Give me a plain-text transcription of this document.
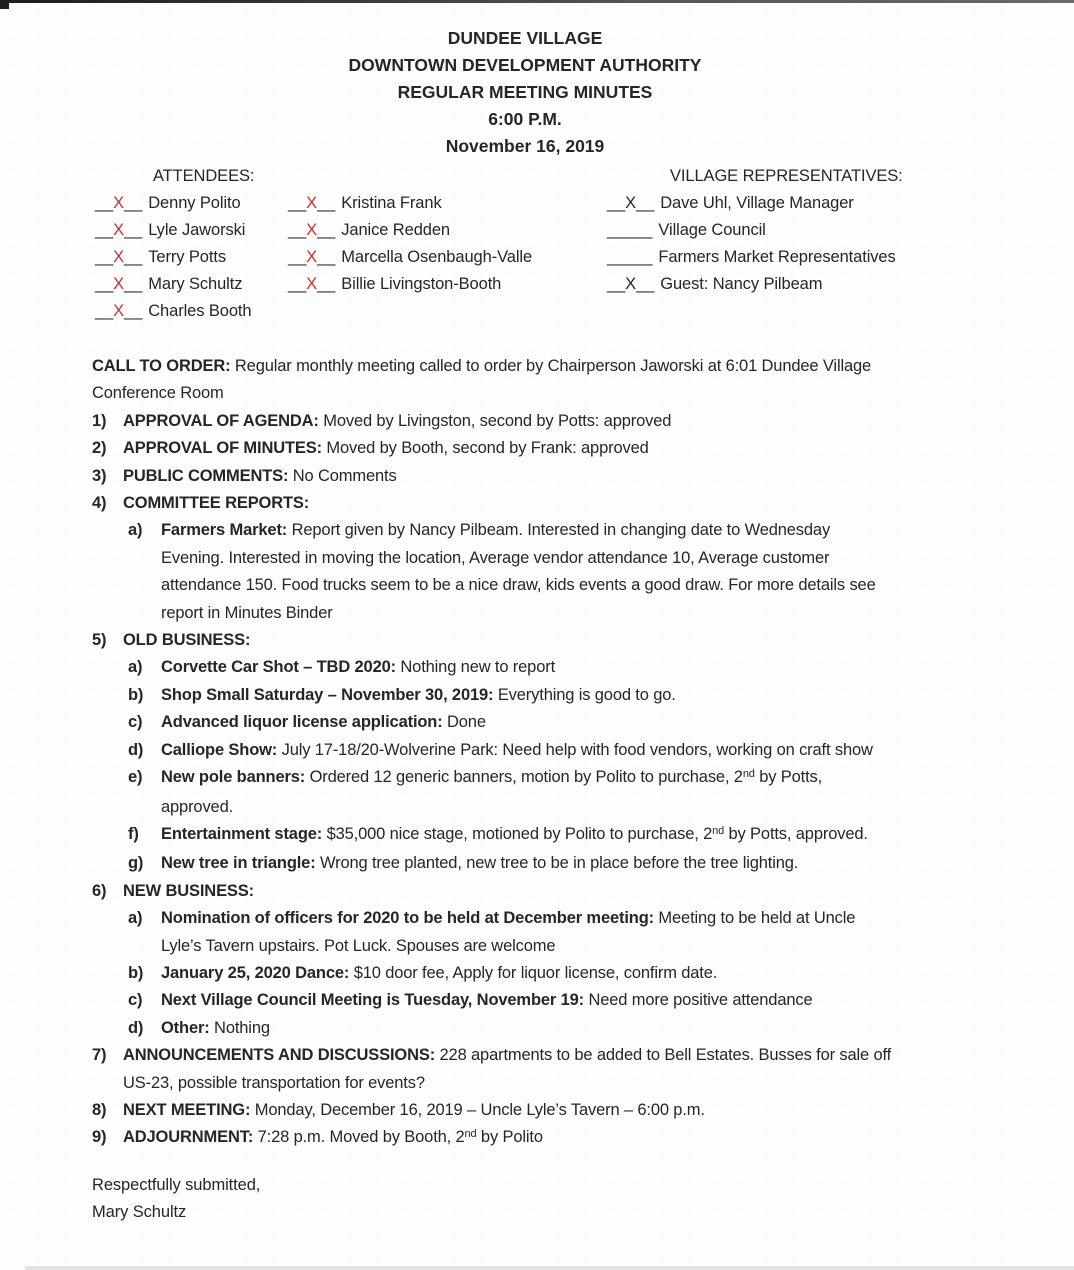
DUNDEE VILLAGE
DOWNTOWN DEVELOPMENT AUTHORITY
REGULAR MEETING MINUTES
6:00 P.M.
November 16, 2019
ATTENDEES:
__X__ Denny Polito
__X__ Lyle Jaworski
__X__ Terry Potts
__X__ Mary Schultz
__X__ Charles Booth
__X__ Kristina Frank
__X__ Janice Redden
__X__ Marcella Osenbaugh-Valle
__X__ Billie Livingston-Booth
VILLAGE REPRESENTATIVES:
__X__ Dave Uhl, Village Manager
_____ Village Council
_____ Farmers Market Representatives
__X__ Guest: Nancy Pilbeam
CALL TO ORDER: Regular monthly meeting called to order by Chairperson Jaworski at 6:01 Dundee Village
Conference Room
1) APPROVAL OF AGENDA: Moved by Livingston, second by Potts: approved
2) APPROVAL OF MINUTES: Moved by Booth, second by Frank: approved
3) PUBLIC COMMENTS: No Comments
4) COMMITTEE REPORTS:
a) Farmers Market: Report given by Nancy Pilbeam. Interested in changing date to Wednesday
Evening. Interested in moving the location, Average vendor attendance 10, Average customer
attendance 150. Food trucks seem to be a nice draw, kids events a good draw. For more details see
report in Minutes Binder
5) OLD BUSINESS:
a) Corvette Car Shot – TBD 2020: Nothing new to report
b) Shop Small Saturday – November 30, 2019: Everything is good to go.
c) Advanced liquor license application: Done
d) Calliope Show: July 17-18/20-Wolverine Park: Need help with food vendors, working on craft show
e) New pole banners: Ordered 12 generic banners, motion by Polito to purchase, 2nd by Potts,
approved.
f) Entertainment stage: $35,000 nice stage, motioned by Polito to purchase, 2nd by Potts, approved.
g) New tree in triangle: Wrong tree planted, new tree to be in place before the tree lighting.
6) NEW BUSINESS:
a) Nomination of officers for 2020 to be held at December meeting: Meeting to be held at Uncle
Lyle’s Tavern upstairs. Pot Luck. Spouses are welcome
b) January 25, 2020 Dance: $10 door fee, Apply for liquor license, confirm date.
c) Next Village Council Meeting is Tuesday, November 19: Need more positive attendance
d) Other: Nothing
7) ANNOUNCEMENTS AND DISCUSSIONS: 228 apartments to be added to Bell Estates. Busses for sale off
US-23, possible transportation for events?
8) NEXT MEETING: Monday, December 16, 2019 – Uncle Lyle’s Tavern – 6:00 p.m.
9) ADJOURNMENT: 7:28 p.m. Moved by Booth, 2nd by Polito
Respectfully submitted,
Mary Schultz
